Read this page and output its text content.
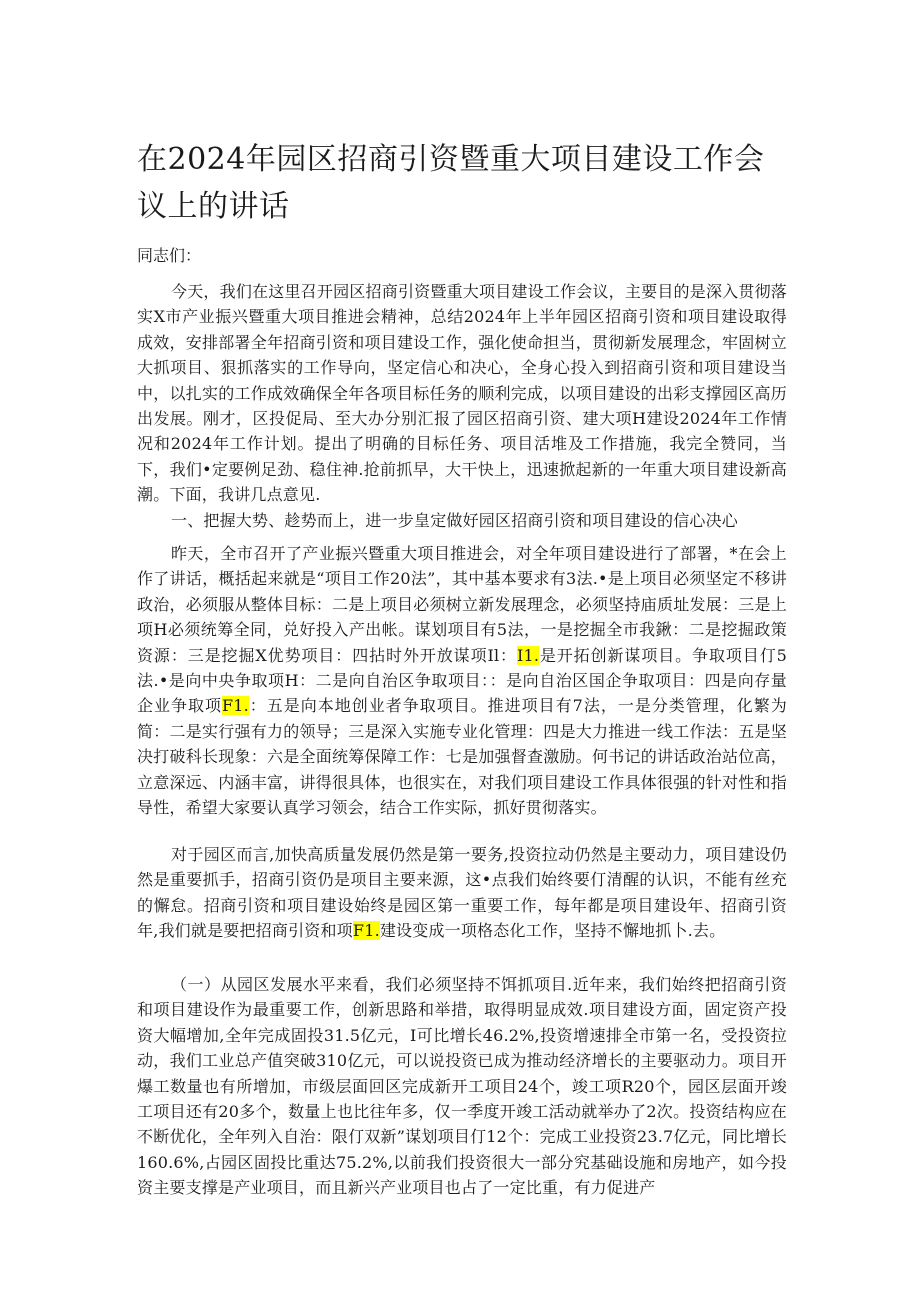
在2024年园区招商引资暨重大项目建设工作会议上的讲话

同志们：

今天，我们在这里召开园区招商引资暨重大项目建设工作会议，主要目的是深入贯彻落实X市产业振兴暨重大项目推进会精神，总结2024年上半年园区招商引资和项目建设取得成效，安排部署全年招商引资和项目建设工作，强化使命担当，贯彻新发展理念，牢固树立大抓项目、狠抓落实的工作导向，坚定信心和决心，全身心投入到招商引资和项目建设当中，以扎实的工作成效确保全年各项目标任务的顺利完成，以项目建设的出彩支撑园区高历出发展。刚才，区投促局、至大办分别汇报了园区招商引资、建大项H建设2024年工作情况和2024年工作计划。提出了明确的目标任务、项目活堆及工作措施，我完全赞同，当下，我们•定要例足劲、稳住神.抢前抓早，大干快上，迅速掀起新的一年重大项目建设新高潮。下面，我讲几点意见.

一、把握大势、趁势而上，进一步皇定做好园区招商引资和项目建设的信心决心

昨天，全市召开了产业振兴暨重大项目推进会，对全年项目建设进行了部署，*在会上作了讲话，概括起来就是“项目工作20法”，其中基本要求有3法.•是上项目必须坚定不移讲政治，必须服从整体目标：二是上项目必须树立新发展理念，必须坚持庙质址发展：三是上项H必须统筹全同，兑好投入产出帐。谋划项目有5法，一是挖掘全市我鍬：二是挖掘政策资源：三是挖掘X优势项目：四拈时外开放谋项Il：I1.是开拓创新谋项目。争取项目仃5法.•是向中央争取项H：二是向自治区争取项目：：是向自治区国企争取项目：四是向存量企业争取项F1.：五是向本地创业者争取项目。推进项目有7法，一是分类管理，化繁为简：二是实行强有力的领导；三是深入实施专业化管理：四是大力推进一线工作法：五是坚决打破科长现象：六是全面统筹保障工作：七是加强督查激励。何书记的讲话政治站位高，立意深远、内涵丰富，讲得很具体，也很实在，对我们项目建设工作具体很强的针对性和指导性，希望大家要认真学习领会，结合工作实际，抓好贯彻落实。

对于园区而言,加快高质量发展仍然是第一要务,投资拉动仍然是主要动力，项目建设仍然是重要抓手，招商引资仍是项目主要来源，这•点我们始终要仃清醒的认识，不能有丝充的懈怠。招商引资和项目建设始终是园区第一重要工作，每年都是项目建设年、招商引资年,我们就是要把招商引资和项F1.建设变成一项格态化工作，坚持不懈地抓卜.去。

（一）从园区发展水平来看，我们必须坚持不饵抓项目.近年来，我们始终把招商引资和项目建设作为最重要工作，创新思路和举措，取得明显成效.项目建设方面，固定资产投资大幅增加,全年完成固投31.5亿元，I可比增长46.2%,投资增速排全市第一名，受投资拉动，我们工业总产值突破310亿元，可以说投资已成为推动经济增长的主要驱动力。项目开爆工数量也有所增加，市级层面回区完成新开工项目24个，竣工项R20个，园区层面开竣工项目还有20多个，数量上也比往年多，仅一季度开竣工活动就举办了2次。投资结构应在不断优化，全年列入自治：限仃双新”谋划项目仃12个：完成工业投资23.7亿元，同比增长160.6%,占园区固投比重达75.2%,以前我们投资很大一部分究基础设施和房地产，如今投资主要支撑是产业项目，而且新兴产业项目也占了一定比重，有力促进产
